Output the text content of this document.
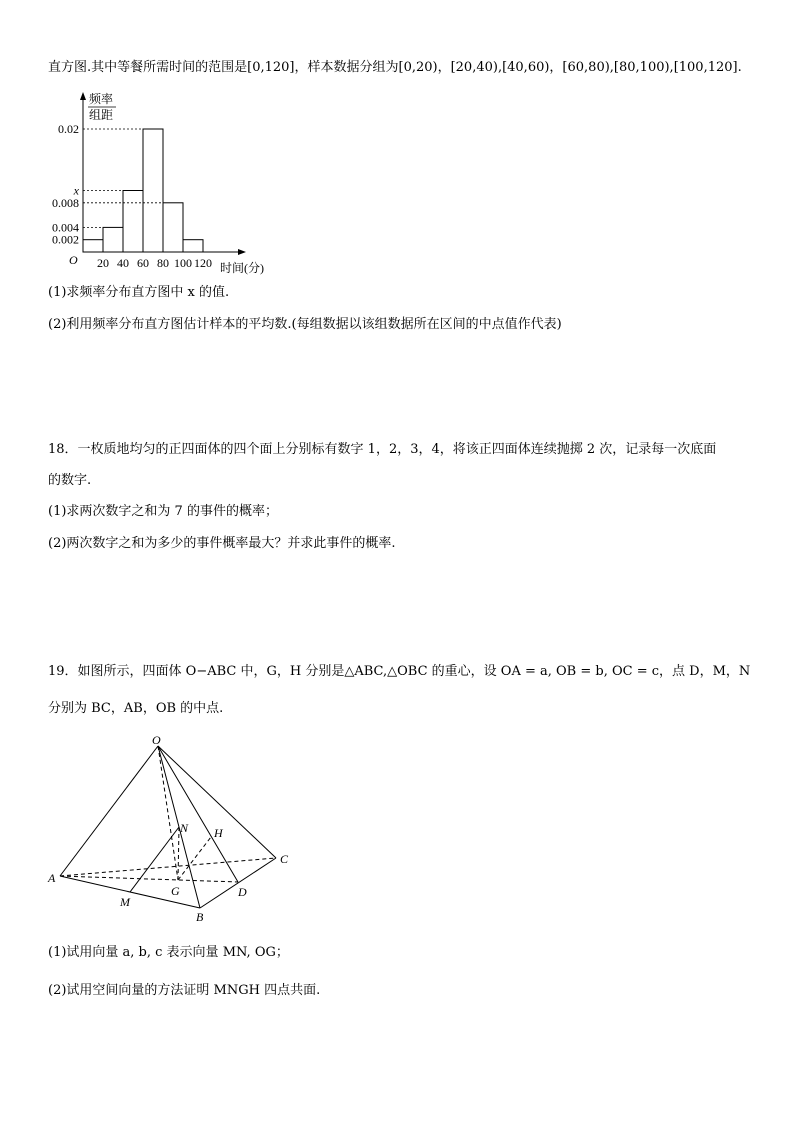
直方图.其中等餐所需时间的范围是[0,120]，样本数据分组为[0,20)，[20,40),[40,60)，[60,80),[80,100),[100,120].
0.002
0.004
0.008
x
0.02
20 40 60 80 100 120
O
时间(分)
频率
组距
(1)求频率分布直方图中 x 的值.
(2)利用频率分布直方图估计样本的平均数.(每组数据以该组数据所在区间的中点值作代表)
18．一枚质地均匀的正四面体的四个面上分别标有数字 1，2，3，4，将该正四面体连续抛掷 2 次，记录每一次底面
的数字.
(1)求两次数字之和为 7 的事件的概率；
(2)两次数字之和为多少的事件概率最大？并求此事件的概率.
19．如图所示，四面体 O−ABC 中，G，H 分别是△ABC,△OBC 的重心，设 OA = a, OB = b, OC = c，点 D，M，N
分别为 BC，AB，OB 的中点.
O
A
B
C
D
G
H
M
N
(1)试用向量 a, b, c 表示向量 MN, OG；
(2)试用空间向量的方法证明 MNGH 四点共面.
